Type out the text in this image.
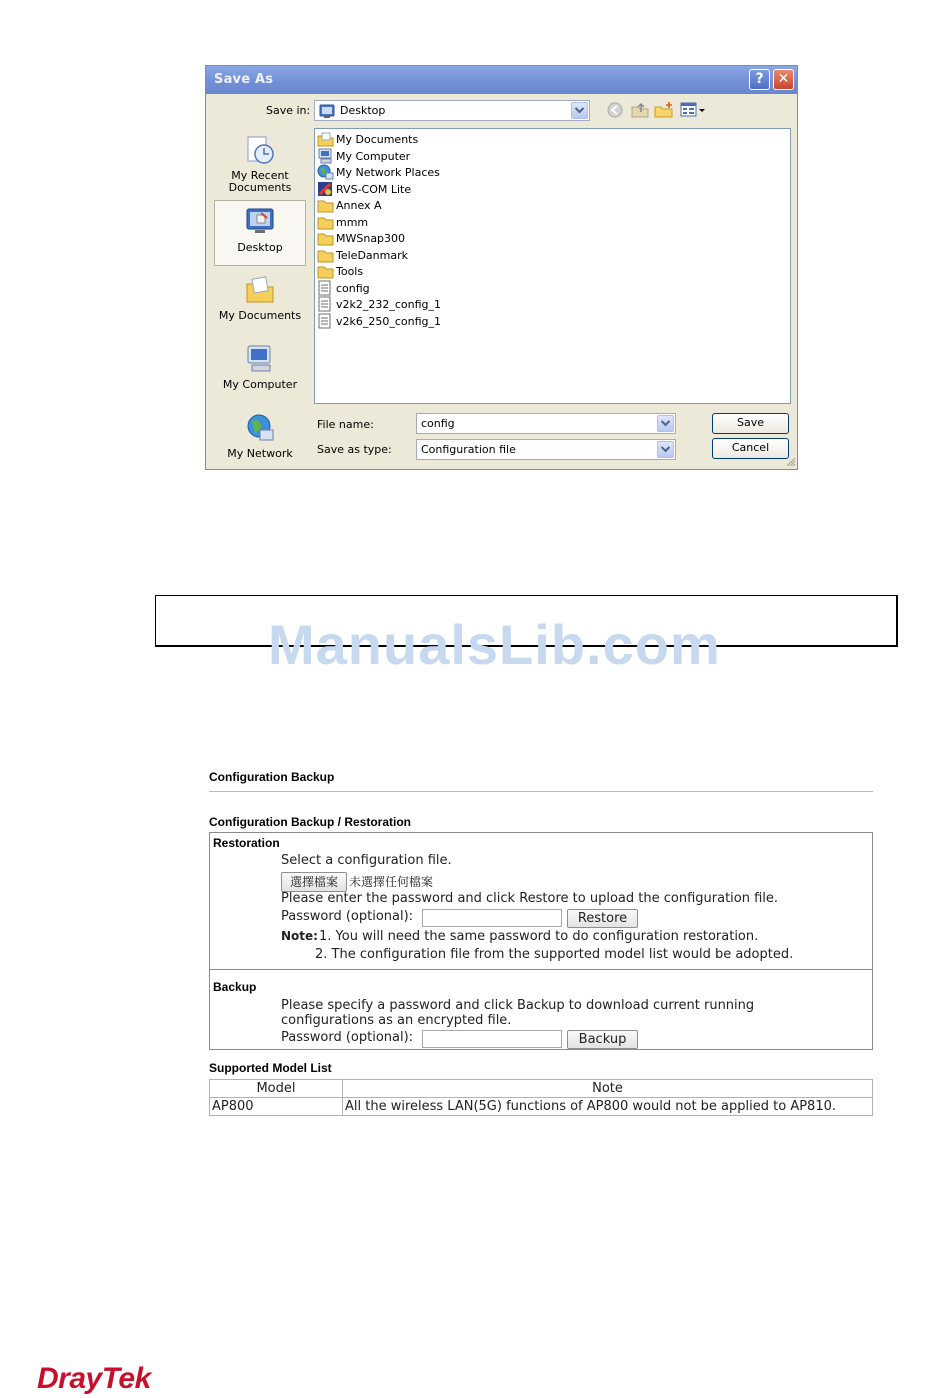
Save As	?	✕
Save in:	Desktop
My Recent Documents
Desktop
My Documents
My Computer
My Network
My Documents
My Computer
My Network Places
RVS-COM Lite
Annex A
mmm
MWSnap300
TeleDanmark
Tools
config
v2k2_232_config_1
v2k6_250_config_1
File name:	config
Save as type:	Configuration file
Save
Cancel
ManualsLib.com
Configuration Backup
Configuration Backup / Restoration
Restoration
Select a configuration file.
選擇檔案 未選擇任何檔案
Please enter the password and click Restore to upload the configuration file.
Password (optional):	Restore
Note: 1. You will need the same password to do configuration restoration.
2. The configuration file from the supported model list would be adopted.
Backup
Please specify a password and click Backup to download current running
configurations as an encrypted file.
Password (optional):	Backup
Supported Model List
Model	Note
AP800	All the wireless LAN(5G) functions of AP800 would not be applied to AP810.
DrayTek
